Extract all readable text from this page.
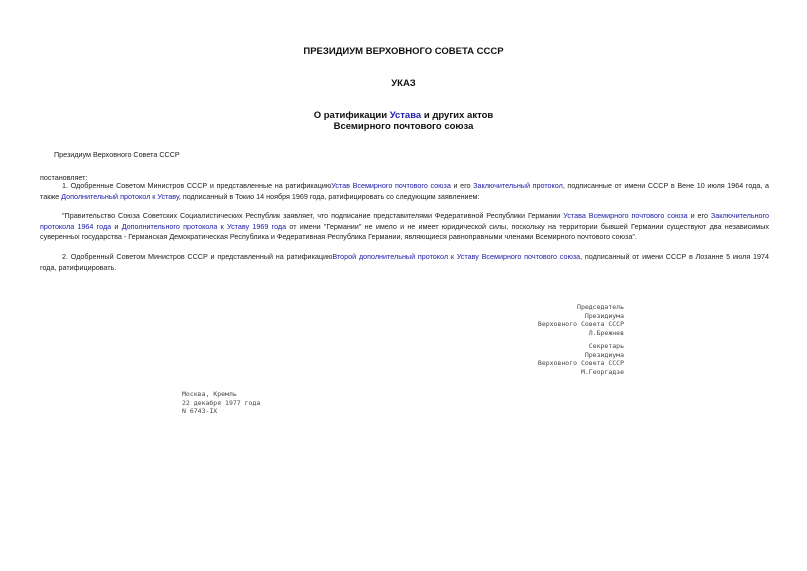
ПРЕЗИДИУМ ВЕРХОВНОГО СОВЕТА СССР
УКАЗ
О ратификации Устава и других актов
Всемирного почтового союза
Президиум Верховного Совета СССР
постановляет:
1. Одобренные Советом Министров СССР и представленные на ратификациюУстав Всемирного почтового союза и его Заключительный протокол, подписанные от имени СССР в Вене 10 июля 1964 года, а также Дополнительный протокол к Уставу, подписанный в Токио 14 ноября 1969 года, ратифицировать со следующим заявлением:
"Правительство Союза Советских Социалистических Республик заявляет, что подписание представителями Федеративной Республики Германии Устава Всемирного почтового союза и его Заключительного протокола 1964 года и Дополнительного протокола к Уставу 1969 года от имени "Германии" не имело и не имеет юридической силы, поскольку на территории бывшей Германии существуют два независимых суверенных государства - Германская Демократическая Республика и Федеративная Республика Германии, являющиеся равноправными членами Всемирного почтового союза".
2. Одобренный Советом Министров СССР и представленный на ратификациюВторой дополнительный протокол к Уставу Всемирного почтового союза, подписанный от имени СССР в Лозанне 5 июля 1974 года, ратифицировать.
Председатель
Президиума
Верховного Совета СССР
Л.Брежнев
Секретарь
Президиума
Верховного Совета СССР
М.Георгадзе
Москва, Кремль
22 декабря 1977 года
N 6743-IX
